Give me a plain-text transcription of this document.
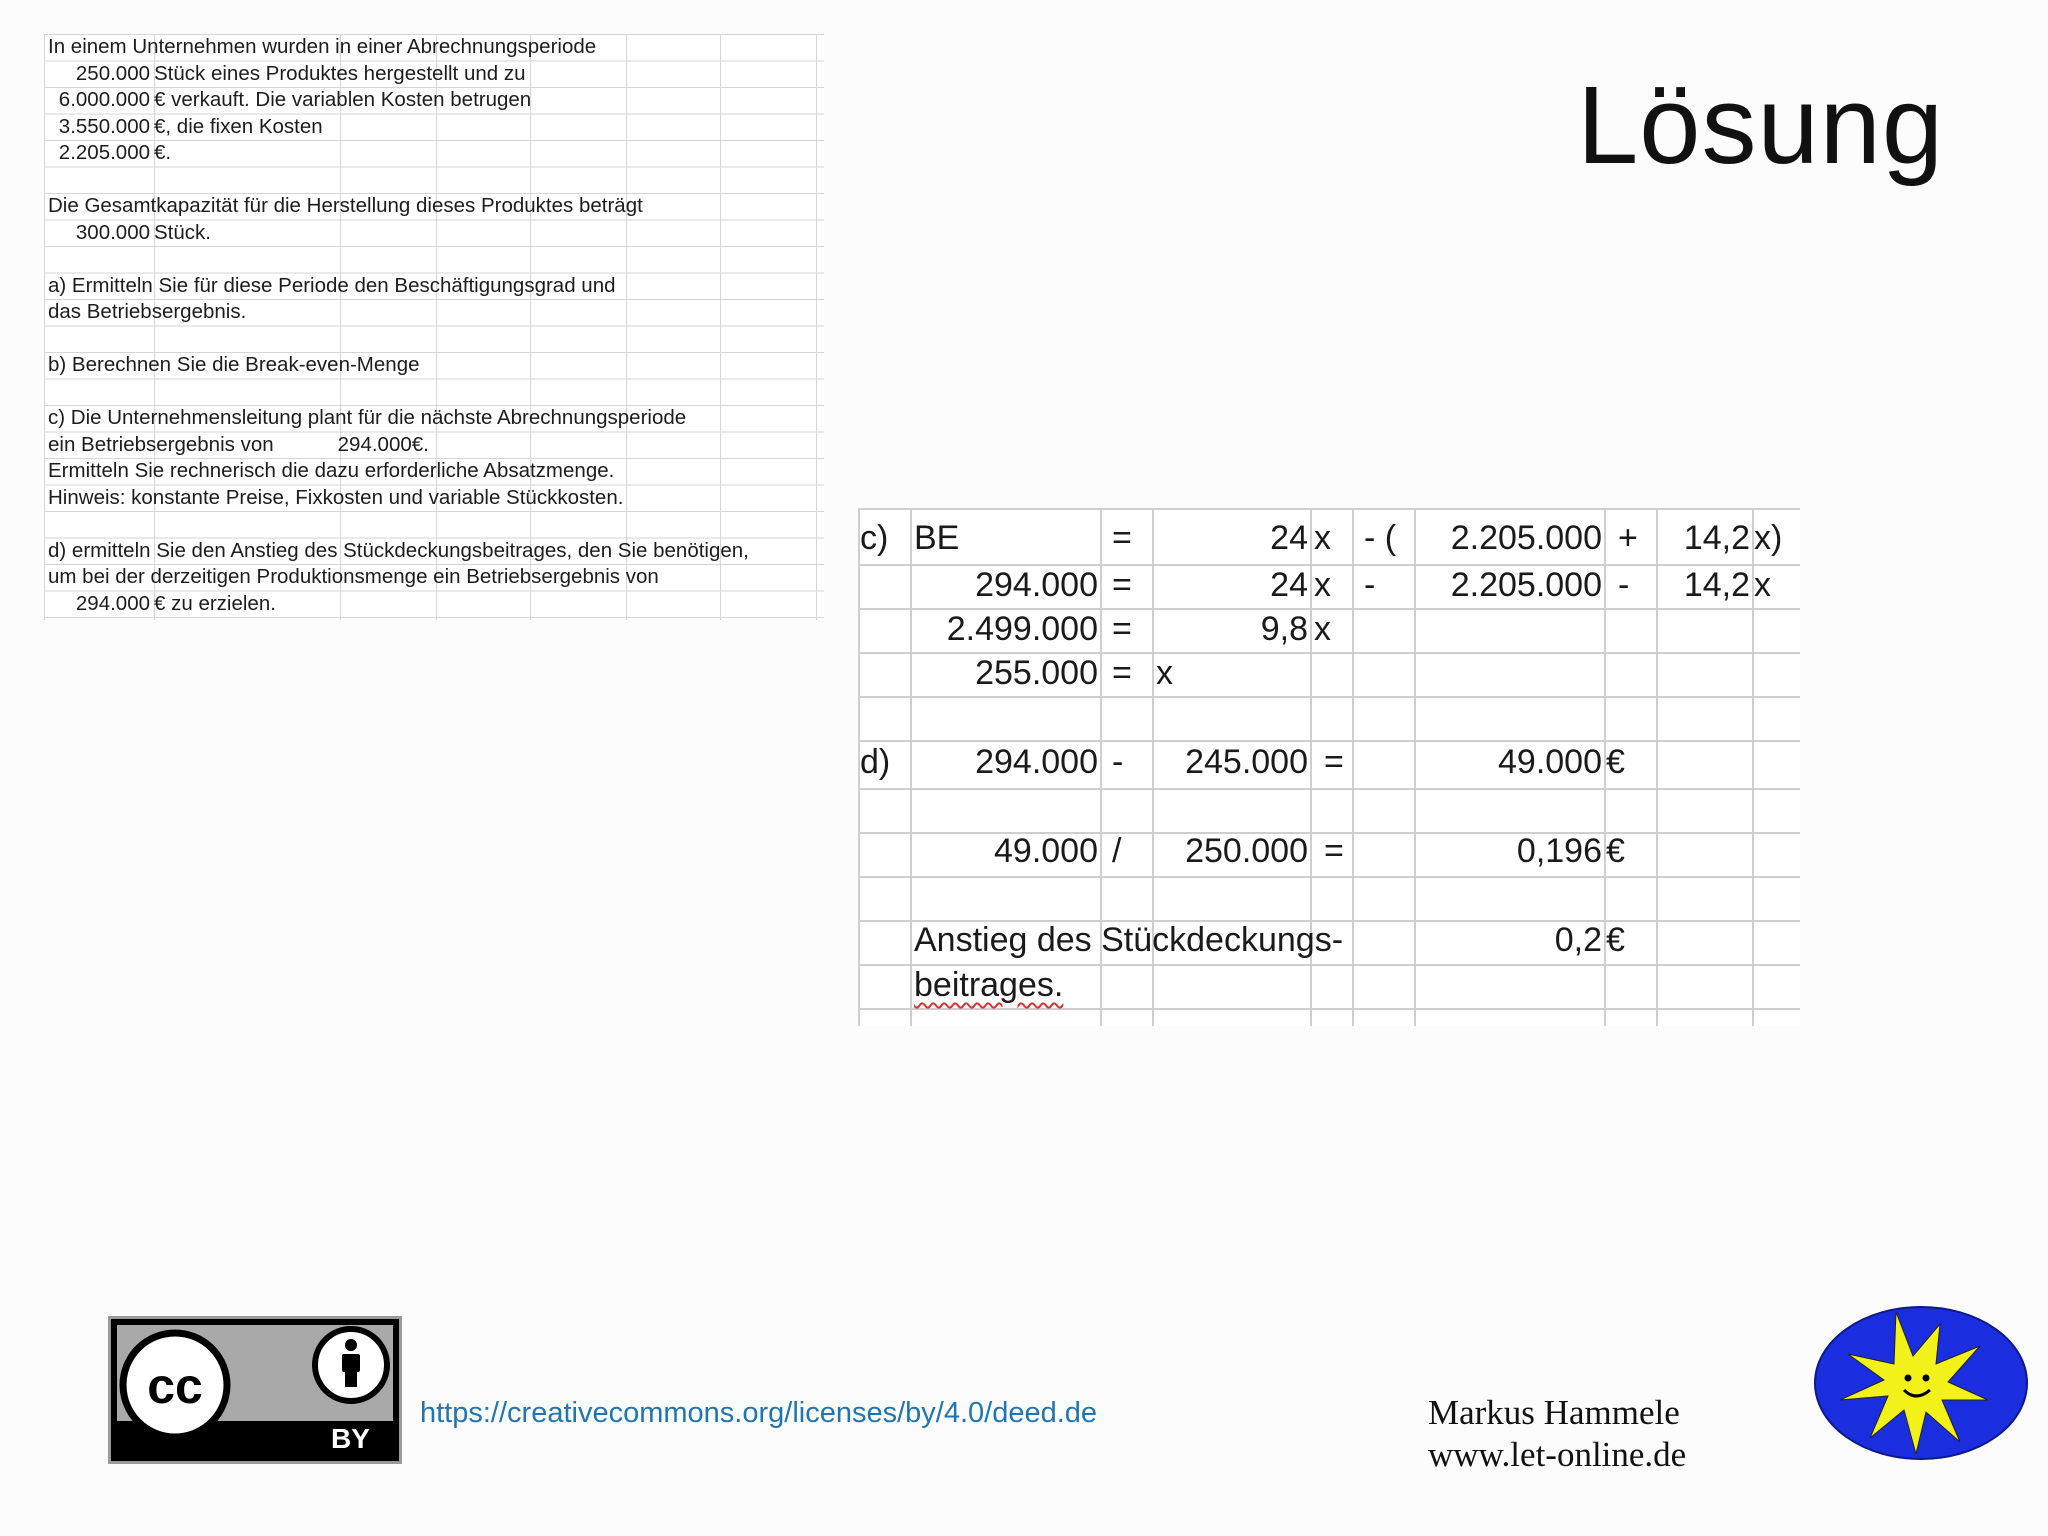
In einem Unternehmen wurden in einer Abrechnungsperiode
250.000 Stück eines Produktes hergestellt und zu
6.000.000 € verkauft. Die variablen Kosten betrugen
3.550.000 €, die fixen Kosten
2.205.000 €.
Die Gesamtkapazität für die Herstellung dieses Produktes beträgt
300.000 Stück.
a) Ermitteln Sie für diese Periode den Beschäftigungsgrad und
das Betriebsergebnis.
b) Berechnen Sie die Break-even-Menge
c) Die Unternehmensleitung plant für die nächste Abrechnungsperiode
ein Betriebsergebnis von	294.000€.
Ermitteln Sie rechnerisch die dazu erforderliche Absatzmenge.
Hinweis: konstante Preise, Fixkosten und variable Stückkosten.
d) ermitteln Sie den Anstieg des Stückdeckungsbeitrages, den Sie benötigen,
um bei der derzeitigen Produktionsmenge ein Betriebsergebnis von
294.000 € zu erzielen.
Lösung
c) BE	=	24 x - (	2.205.000 +	14,2 x)
294.000 =	24 x -	2.205.000 -	14,2 x
2.499.000 =	9,8 x
255.000 = x
d)	294.000 -	245.000 =	49.000 €
49.000 /	250.000 =	0,196 €
Anstieg des Stückdeckungs-	0,2 €
beitrages.
cc
BY
https://creativecommons.org/licenses/by/4.0/deed.de	Markus Hammele
www.let-online.de
